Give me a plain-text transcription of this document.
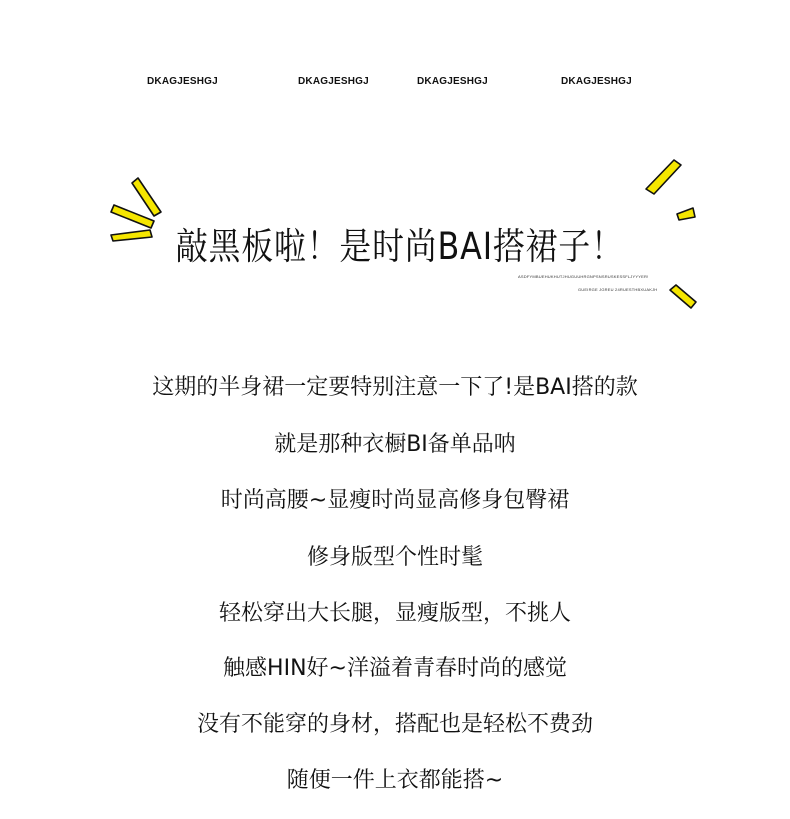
DKAGJESHGJ	DKAGJESHGJ	DKAGJESHGJ	DKAGJESHGJ
敲黑板啦！是时尚BAI搭裙子！
ASDFYMBUEHUKHUTJHUGUUHRGNPSNSRUSKESSFLJYYYER!
GUEIRGE JGREU 24RUESTHBXUAKJH
这期的半身裙一定要特别注意一下了!是BAI搭的款
就是那种衣橱BI备单品呐
时尚高腰~显瘦时尚显高修身包臀裙
修身版型个性时髦
轻松穿出大长腿，显瘦版型，不挑人
触感HIN好~洋溢着青春时尚的感觉
没有不能穿的身材，搭配也是轻松不费劲
随便一件上衣都能搭~
